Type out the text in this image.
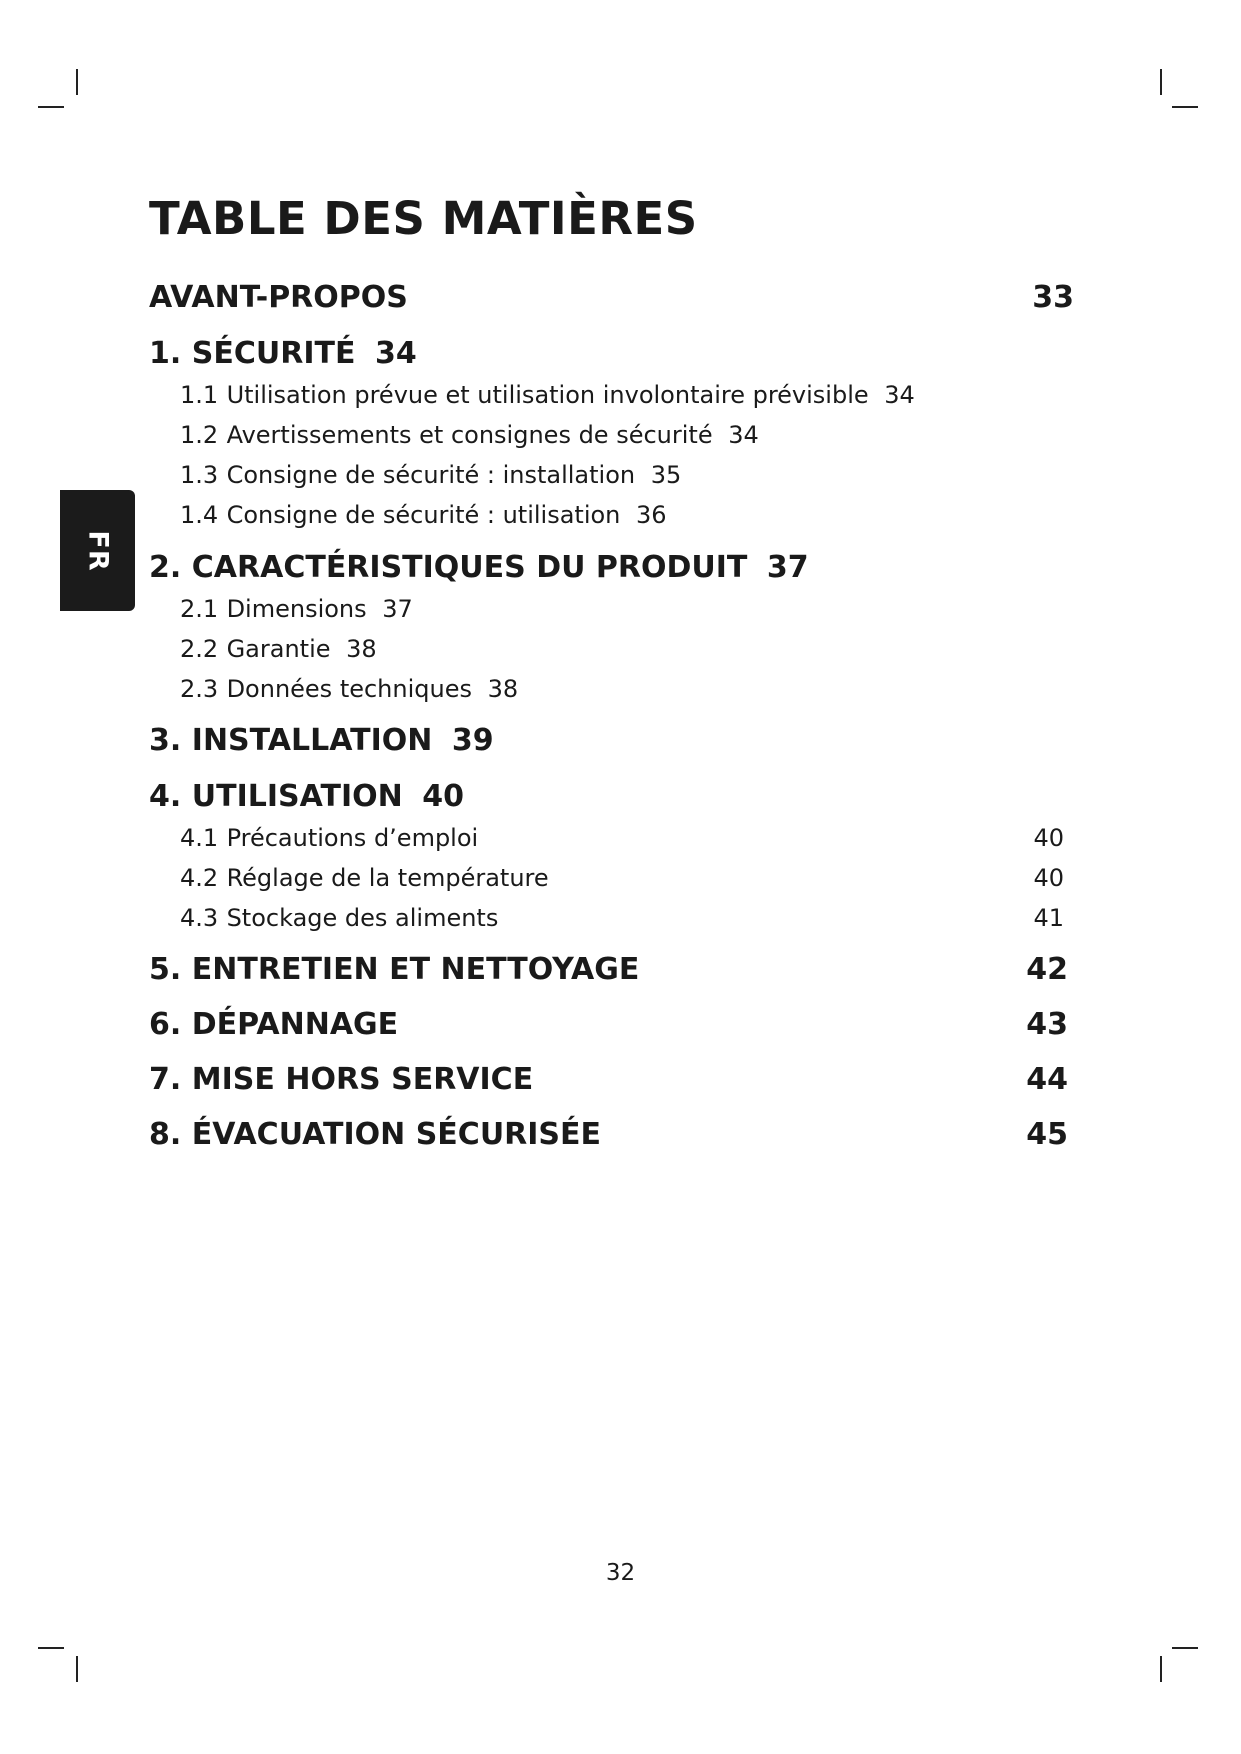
FR
TABLE DES MATIÈRES
AVANT-PROPOS	33
1. SÉCURITÉ 34
1.1 Utilisation prévue et utilisation involontaire prévisible 34
1.2 Avertissements et consignes de sécurité 34
1.3 Consigne de sécurité : installation 35
1.4 Consigne de sécurité : utilisation 36
2. CARACTÉRISTIQUES DU PRODUIT 37
2.1 Dimensions 37
2.2 Garantie 38
2.3 Données techniques 38
3. INSTALLATION 39
4. UTILISATION 40
4.1 Précautions d’emploi	40
4.2 Réglage de la température	40
4.3 Stockage des aliments	41
5. ENTRETIEN ET NETTOYAGE	42
6. DÉPANNAGE	43
7. MISE HORS SERVICE	44
8. ÉVACUATION SÉCURISÉE	45
32
